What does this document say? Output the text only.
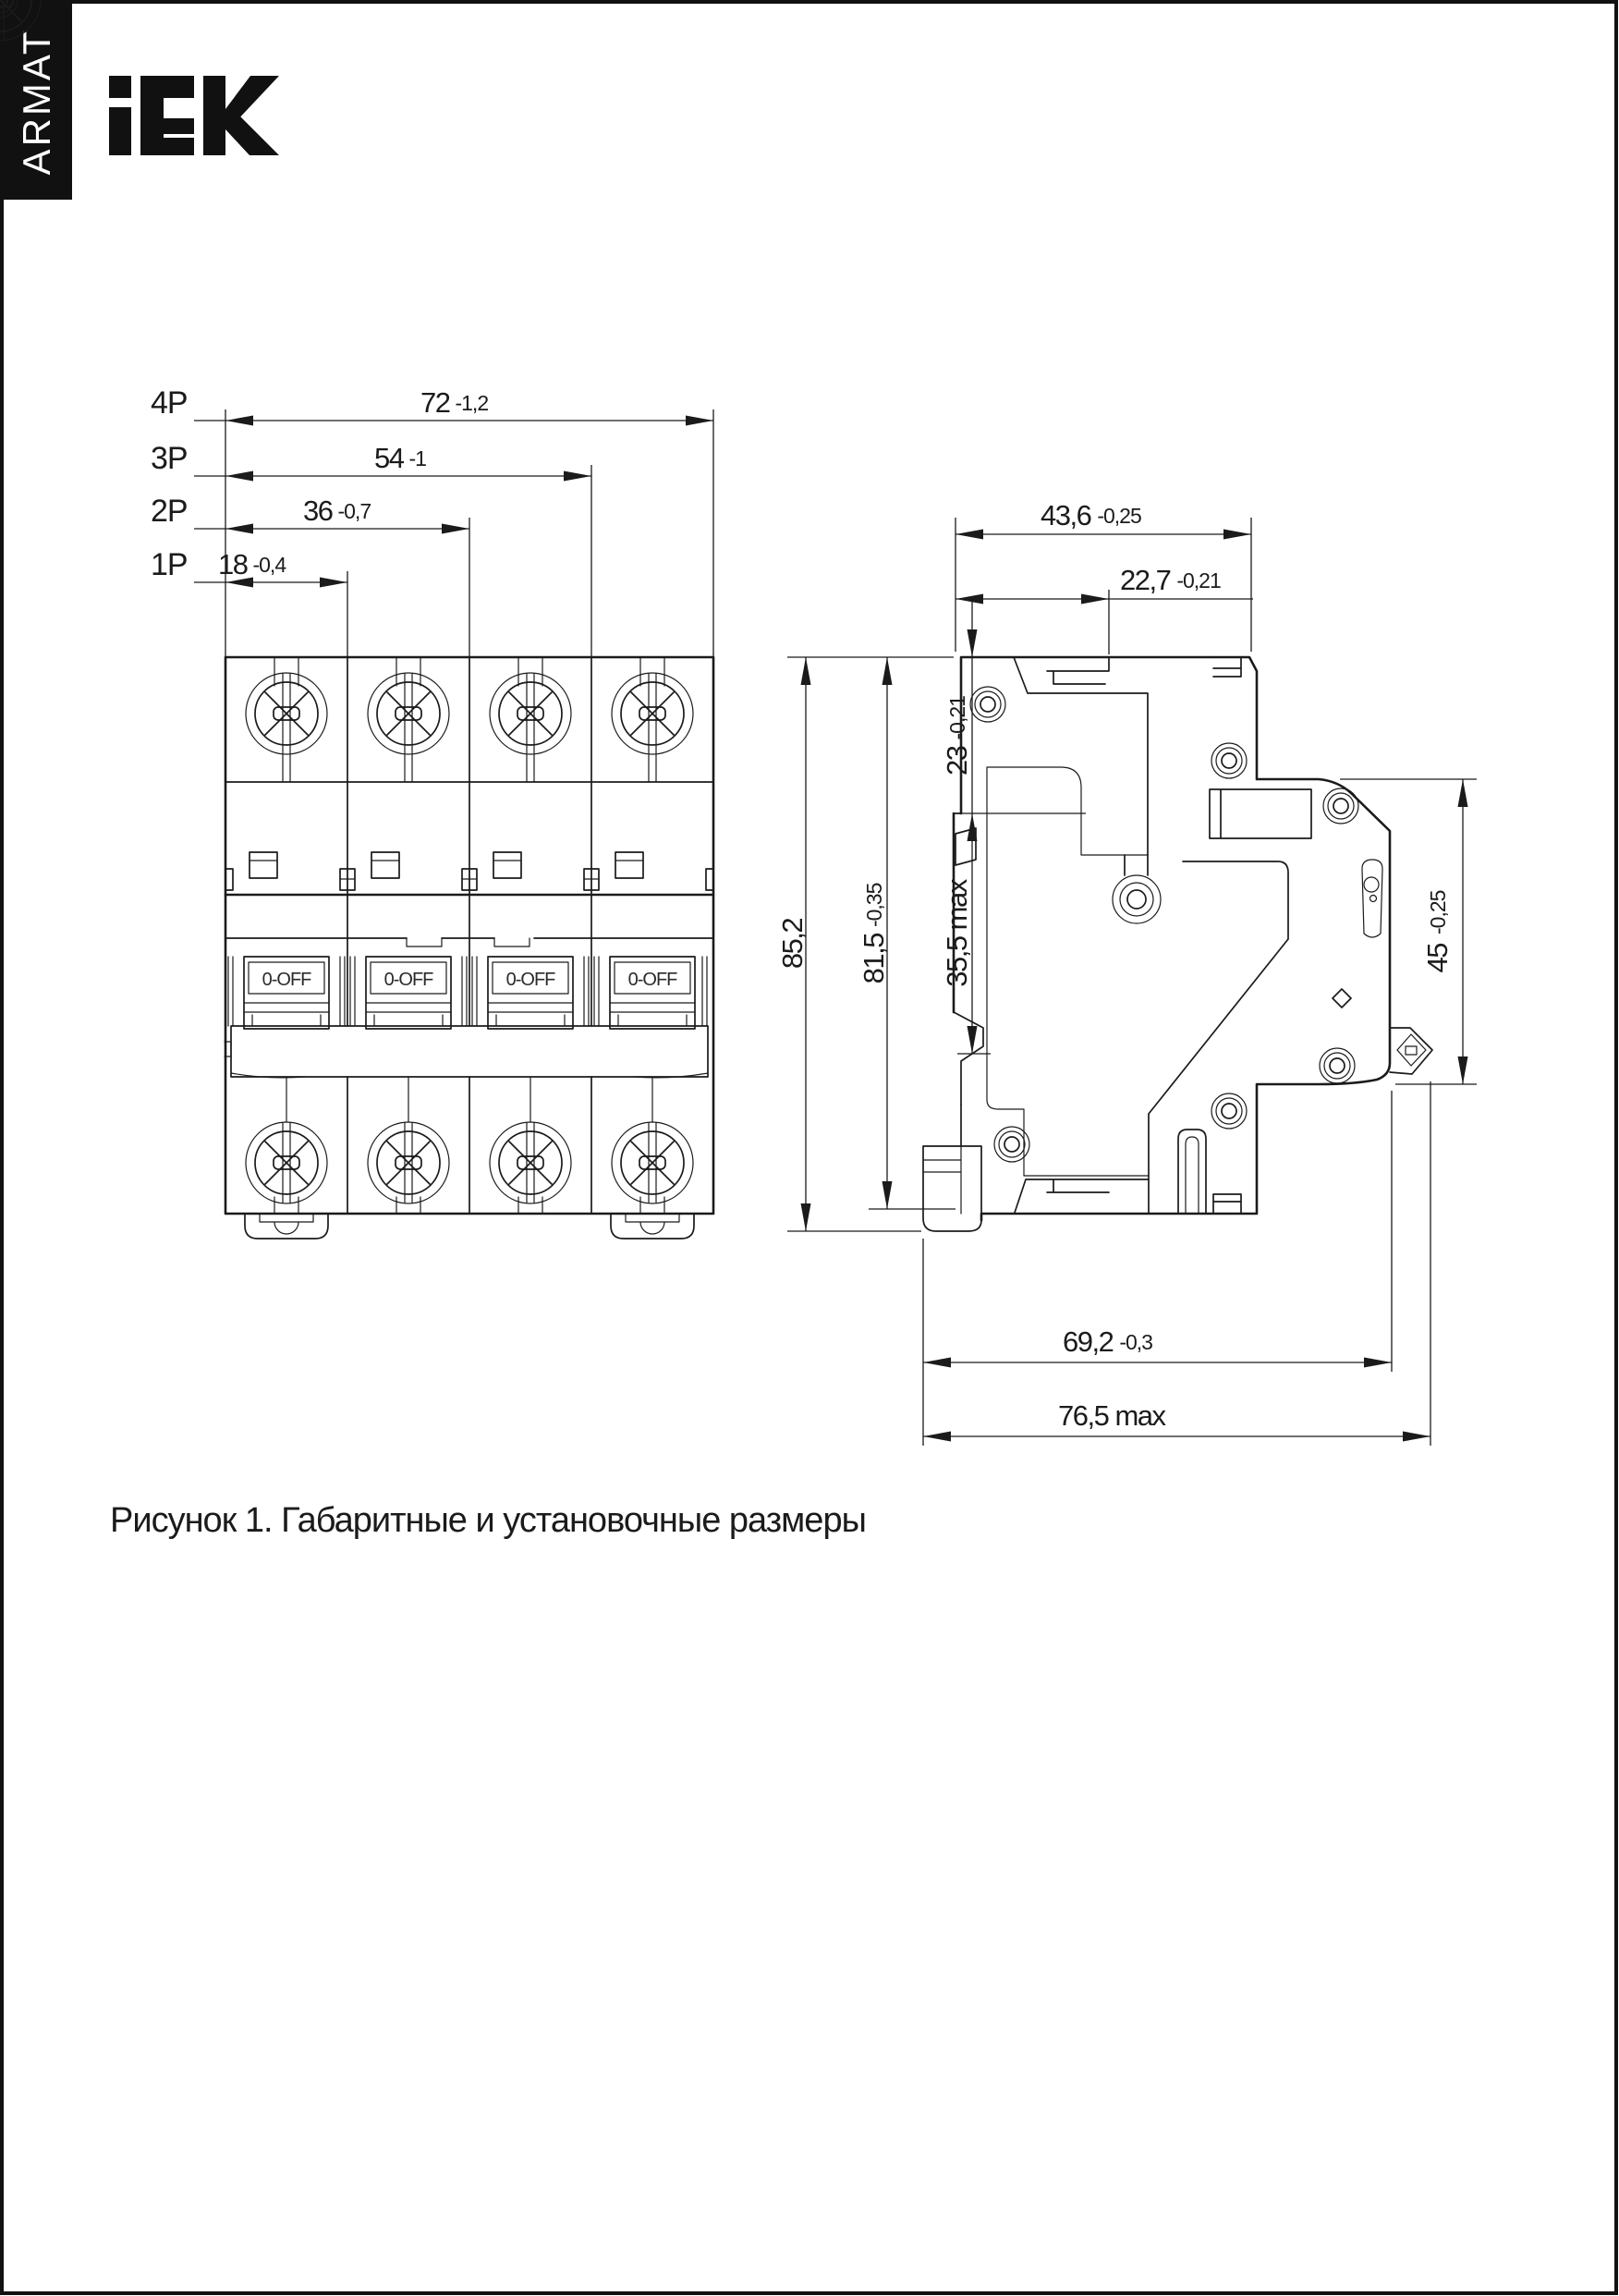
ARMAT
0-OFF	0-OFF	0-OFF	0-OFF
4P	72 -1,2
3P	54 -1
2P	36 -0,7
1P 18 -0,4
43,6 -0,25
22,7 -0,21
85,2 81,5-0,35
23-0,21
35,5 max	45-0,25
69,2 -0,3
76,5 max
Рисунок 1. Габаритные и установочные размеры
